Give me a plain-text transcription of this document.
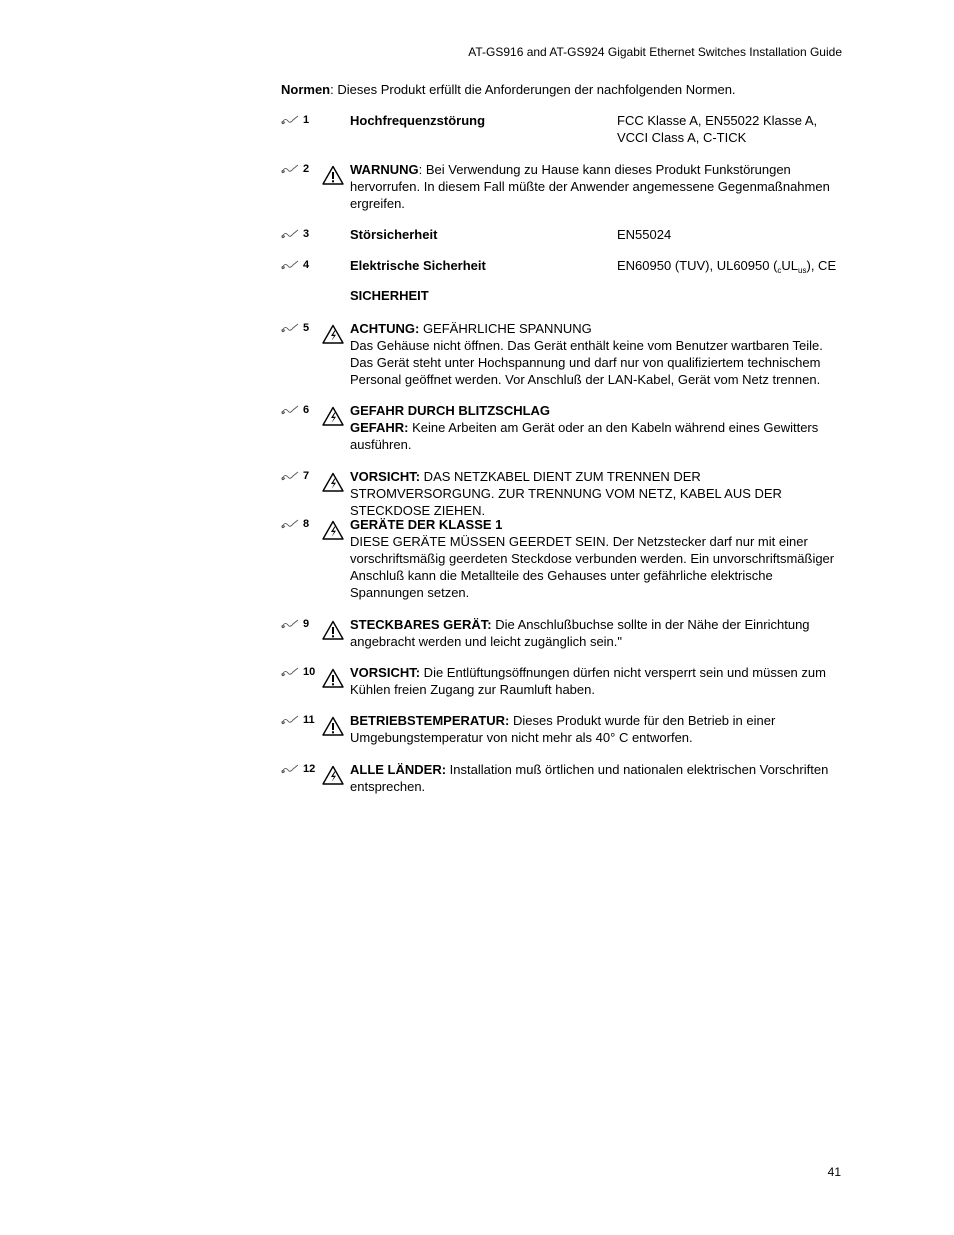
AT-GS916 and AT-GS924 Gigabit Ethernet Switches Installation Guide
Normen: Dieses Produkt erfüllt die Anforderungen der nachfolgenden Normen.
1	Hochfrequenzstörung	FCC Klasse A, EN55022 Klasse A,
VCCI Class A, C-TICK
2	WARNUNG: Bei Verwendung zu Hause kann dieses Produkt Funkstörungen hervorrufen. In diesem Fall müßte der Anwender angemessene Gegenmaßnahmen ergreifen.
3	Störsicherheit	EN55024
4	Elektrische Sicherheit	EN60950 (TUV), UL60950 $(_cUL_{us})$, CE
SICHERHEIT
5	ACHTUNG: GEFÄHRLICHE SPANNUNG
Das Gehäuse nicht öffnen. Das Gerät enthält keine vom Benutzer wartbaren Teile. Das Gerät steht unter Hochspannung und darf nur von qualifiziertem technischem Personal geöffnet werden. Vor Anschluß der LAN-Kabel, Gerät vom Netz trennen.
6	GEFAHR DURCH BLITZSCHLAG
GEFAHR: Keine Arbeiten am Gerät oder an den Kabeln während eines Gewitters ausführen.
7	VORSICHT: DAS NETZKABEL DIENT ZUM TRENNEN DER STROMVERSORGUNG. ZUR TRENNUNG VOM NETZ, KABEL AUS DER STECKDOSE ZIEHEN.
8	GERÄTE DER KLASSE 1
DIESE GERÄTE MÜSSEN GEERDET SEIN. Der Netzstecker darf nur mit einer vorschriftsmäßig geerdeten Steckdose verbunden werden. Ein unvorschriftsmäßiger Anschluß kann die Metallteile des Gehauses unter gefährliche elektrische Spannungen setzen.
9	STECKBARES GERÄT: Die Anschlußbuchse sollte in der Nähe der Einrichtung angebracht werden und leicht zugänglich sein."
10	VORSICHT: Die Entlüftungsöffnungen dürfen nicht versperrt sein und müssen zum Kühlen freien Zugang zur Raumluft haben.
11	BETRIEBSTEMPERATUR: Dieses Produkt wurde für den Betrieb in einer Umgebungstemperatur von nicht mehr als 40° C entworfen.
12	ALLE LÄNDER: Installation muß örtlichen und nationalen elektrischen Vorschriften entsprechen.
41
